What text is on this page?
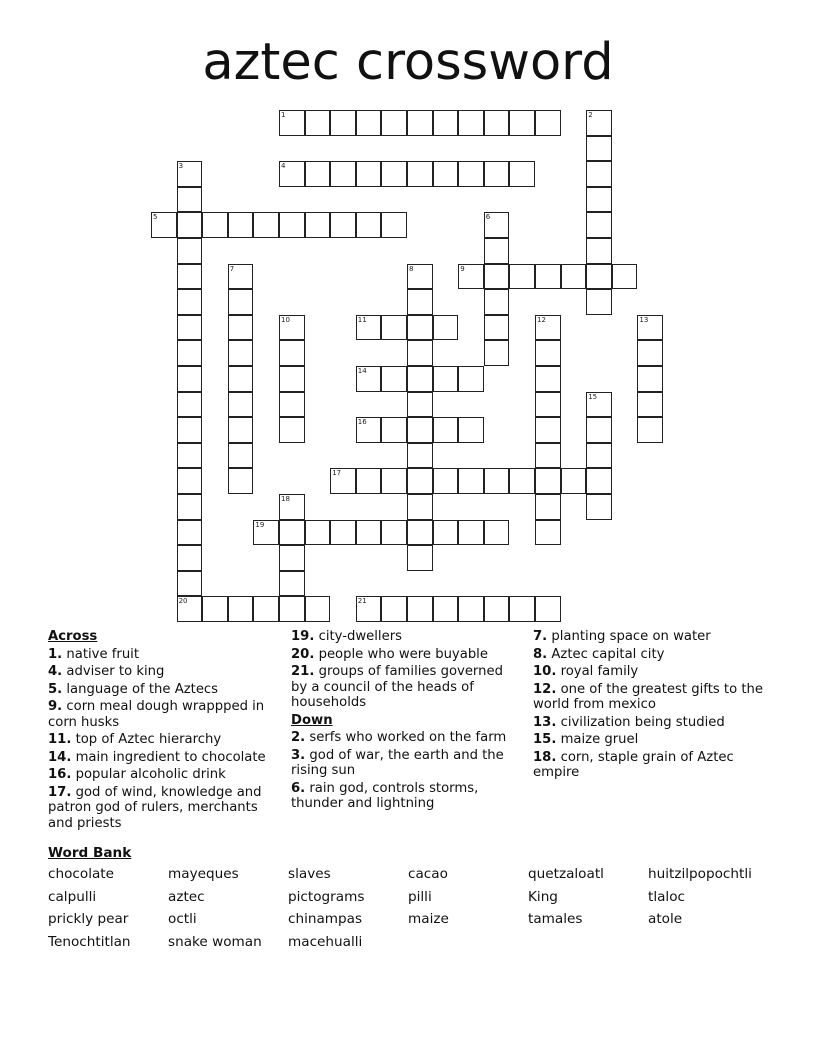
aztec crossword
1	2
3	4
5	6
7	8	9
10	11	12	13
14
15
16
17
18
19
20	21
Across
1. native fruit
4. adviser to king
5. language of the Aztecs
9. corn meal dough wrappped in corn husks
11. top of Aztec hierarchy
14. main ingredient to chocolate
16. popular alcoholic drink
17. god of wind, knowledge and patron god of rulers, merchants and priests
19. city-dwellers
20. people who were buyable
21. groups of families governed by a council of the heads of households
Down
2. serfs who worked on the farm
3. god of war, the earth and the rising sun
6. rain god, controls storms, thunder and lightning
7. planting space on water
8. Aztec capital city
10. royal family
12. one of the greatest gifts to the world from mexico
13. civilization being studied
15. maize gruel
18. corn, staple grain of Aztec empire
Word Bank
chocolate	mayeques	slaves	cacao	quetzaloatl	huitzilpopochtli
calpulli	aztec	pictograms	pilli	King	tlaloc
prickly pear	octli	chinampas	maize	tamales	atole
Tenochtitlan	snake woman	macehualli
